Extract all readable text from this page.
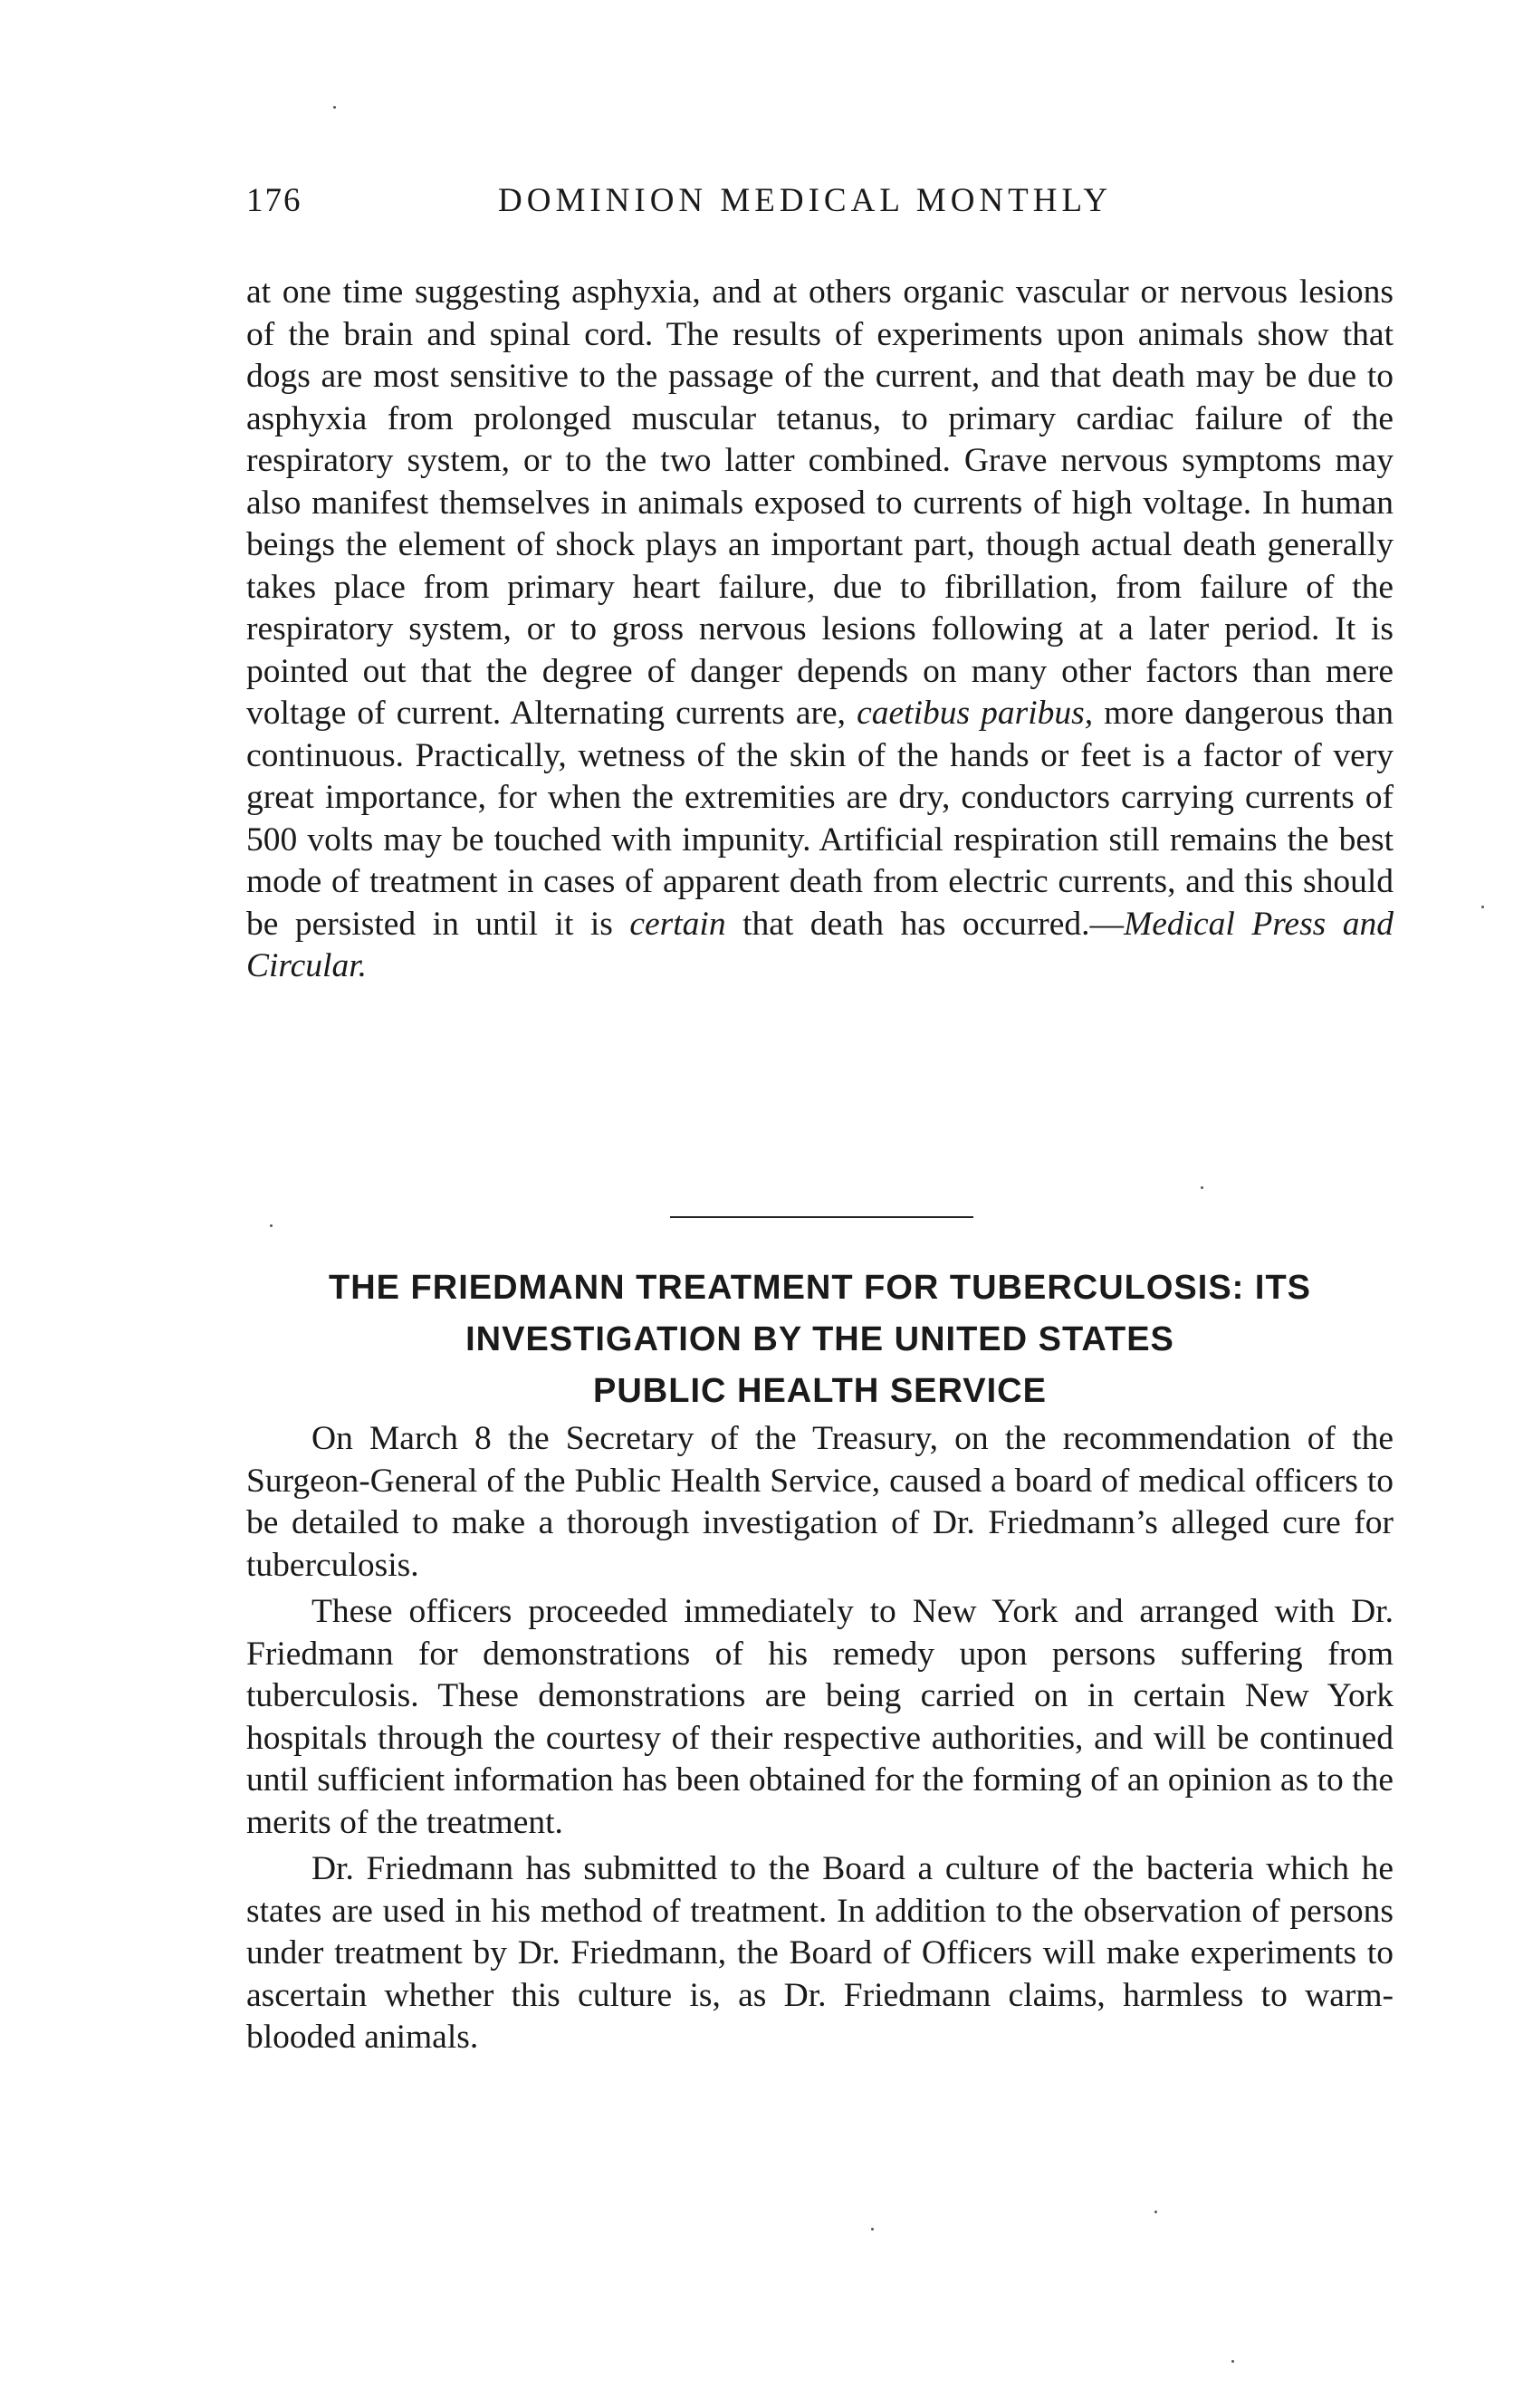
176	DOMINION MEDICAL MONTHLY
at one time suggesting asphyxia, and at others organic vascular or nervous lesions of the brain and spinal cord. The results of experiments upon animals show that dogs are most sensitive to the passage of the current, and that death may be due to asphyxia from prolonged muscular tetanus, to primary cardiac failure of the respiratory system, or to the two latter combined. Grave nervous symptoms may also manifest themselves in animals exposed to currents of high voltage. In human beings the element of shock plays an important part, though actual death generally takes place from primary heart failure, due to fibrillation, from failure of the respiratory system, or to gross nervous lesions following at a later period. It is pointed out that the degree of danger depends on many other factors than mere voltage of current. Alternating currents are, caetibus paribus, more dangerous than continuous. Practically, wetness of the skin of the hands or feet is a factor of very great importance, for when the extremities are dry, conductors carrying currents of 500 volts may be touched with impunity. Artificial respiration still remains the best mode of treatment in cases of apparent death from electric currents, and this should be persisted in until it is certain that death has occurred.—Medical Press and Circular.
THE FRIEDMANN TREATMENT FOR TUBERCULOSIS: ITS
INVESTIGATION BY THE UNITED STATES
PUBLIC HEALTH SERVICE

On March 8 the Secretary of the Treasury, on the recommendation of the Surgeon-General of the Public Health Service, caused a board of medical officers to be detailed to make a thorough investigation of Dr. Friedmann’s alleged cure for tuberculosis.

These officers proceeded immediately to New York and arranged with Dr. Friedmann for demonstrations of his remedy upon persons suffering from tuberculosis. These demonstrations are being carried on in certain New York hospitals through the courtesy of their respective authorities, and will be continued until sufficient information has been obtained for the forming of an opinion as to the merits of the treatment.

Dr. Friedmann has submitted to the Board a culture of the bacteria which he states are used in his method of treatment. In addition to the observation of persons under treatment by Dr. Friedmann, the Board of Officers will make experiments to ascertain whether this culture is, as Dr. Friedmann claims, harmless to warm-blooded animals.
